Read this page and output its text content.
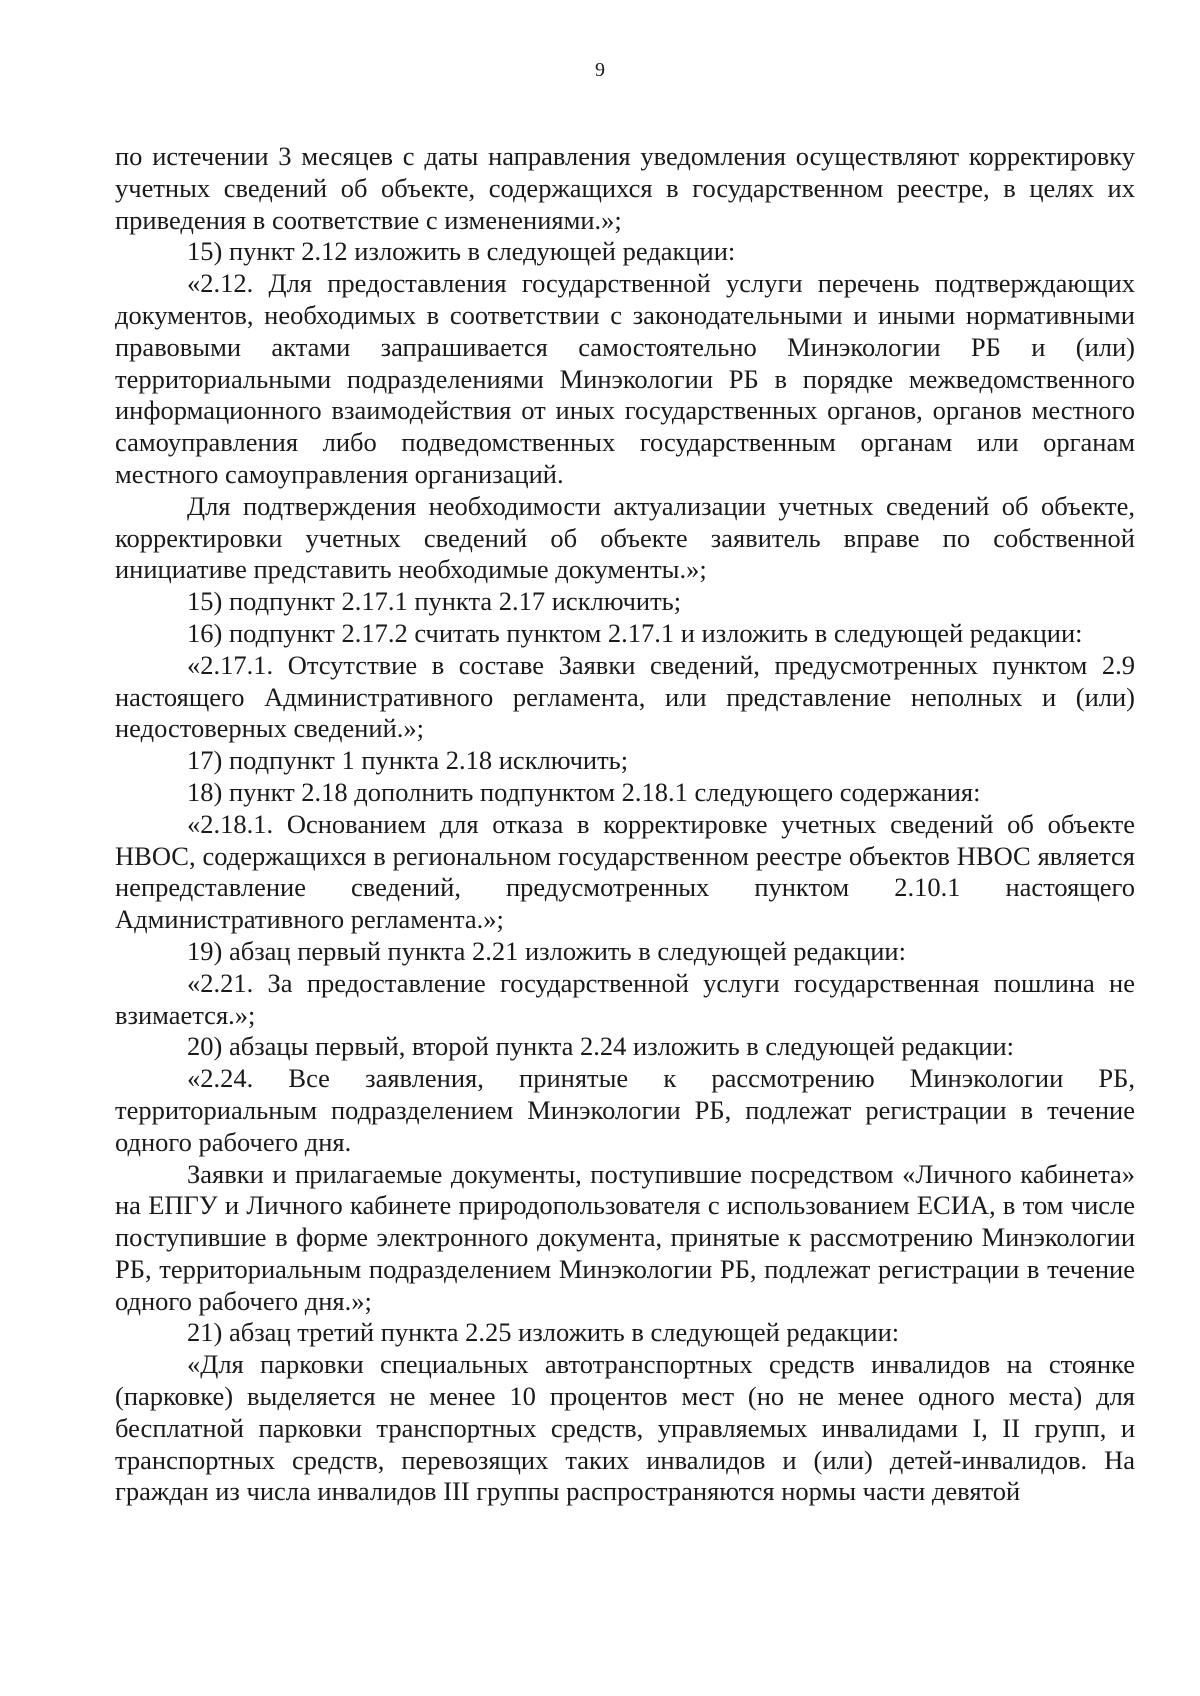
9

по истечении 3 месяцев с даты направления уведомления осуществляют корректировку учетных сведений об объекте, содержащихся в государственном реестре, в целях их приведения в соответствие с изменениями.»;

15) пункт 2.12 изложить в следующей редакции:

«2.12. Для предоставления государственной услуги перечень подтверждающих документов, необходимых в соответствии с законодательными и иными нормативными правовыми актами запрашивается самостоятельно Минэкологии РБ и (или) территориальными подразделениями Минэкологии РБ в порядке межведомственного информационного взаимодействия от иных государственных органов, органов местного самоуправления либо подведомственных государственным органам или органам местного самоуправления организаций.

Для подтверждения необходимости актуализации учетных сведений об объекте, корректировки учетных сведений об объекте заявитель вправе по собственной инициативе представить необходимые документы.»;

15) подпункт 2.17.1 пункта 2.17 исключить;

16) подпункт 2.17.2 считать пунктом 2.17.1 и изложить в следующей редакции:

«2.17.1. Отсутствие в составе Заявки сведений, предусмотренных пунктом 2.9 настоящего Административного регламента, или представление неполных и (или) недостоверных сведений.»;

17) подпункт 1 пункта 2.18 исключить;

18) пункт 2.18 дополнить подпунктом 2.18.1 следующего содержания:

«2.18.1. Основанием для отказа в корректировке учетных сведений об объекте НВОС, содержащихся в региональном государственном реестре объектов НВОС является непредставление сведений, предусмотренных пунктом 2.10.1 настоящего Административного регламента.»;

19) абзац первый пункта 2.21 изложить в следующей редакции:

«2.21. За предоставление государственной услуги государственная пошлина не взимается.»;

20) абзацы первый, второй пункта 2.24 изложить в следующей редакции:

«2.24. Все заявления, принятые к рассмотрению Минэкологии РБ, территориальным подразделением Минэкологии РБ, подлежат регистрации в течение одного рабочего дня.

Заявки и прилагаемые документы, поступившие посредством «Личного кабинета» на ЕПГУ и Личного кабинете природопользователя с использованием ЕСИА, в том числе поступившие в форме электронного документа, принятые к рассмотрению Минэкологии РБ, территориальным подразделением Минэкологии РБ, подлежат регистрации в течение одного рабочего дня.»;

21) абзац третий пункта 2.25 изложить в следующей редакции:

«Для парковки специальных автотранспортных средств инвалидов на стоянке (парковке) выделяется не менее 10 процентов мест (но не менее одного места) для бесплатной парковки транспортных средств, управляемых инвалидами I, II групп, и транспортных средств, перевозящих таких инвалидов и (или) детей-инвалидов. На граждан из числа инвалидов III группы распространяются нормы части девятой
